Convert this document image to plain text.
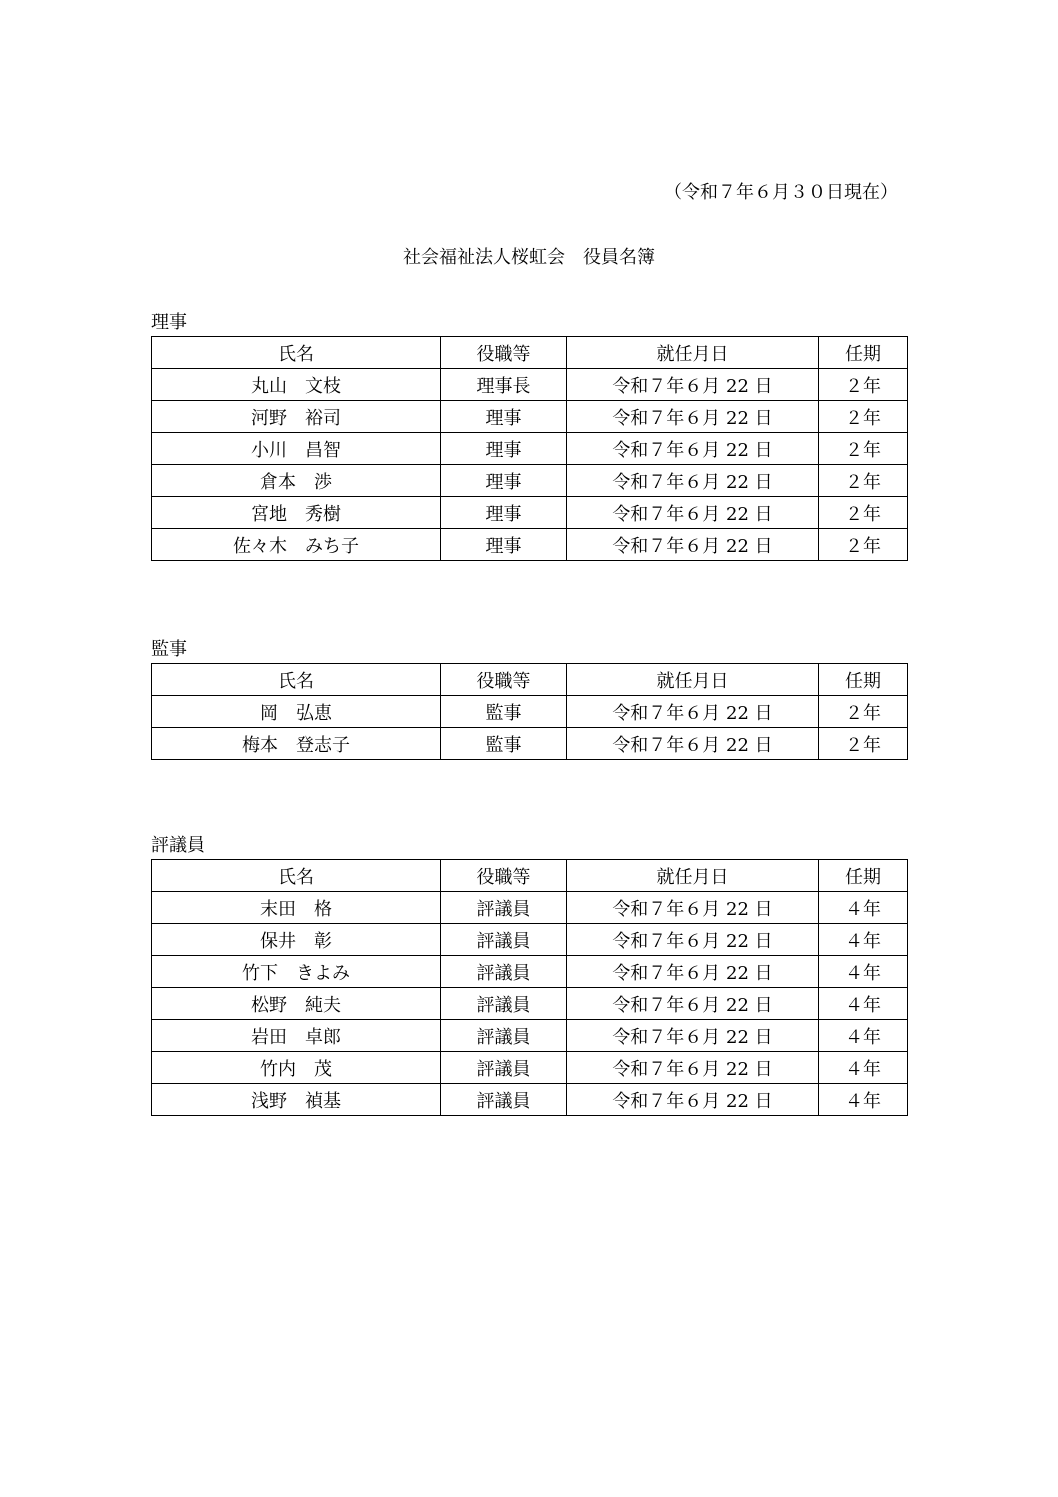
（令和７年６月３０日現在）
社会福祉法人桜虹会　役員名簿
理事
氏名	役職等	就任月日	任期
丸山　文枝	理事長	令和７年６月 22 日	２年
河野　裕司	理事	令和７年６月 22 日	２年
小川　昌智	理事	令和７年６月 22 日	２年
倉本　渉	理事	令和７年６月 22 日	２年
宮地　秀樹	理事	令和７年６月 22 日	２年
佐々木　みち子	理事	令和７年６月 22 日	２年
監事
氏名	役職等	就任月日	任期
岡　弘恵	監事	令和７年６月 22 日	２年
梅本　登志子	監事	令和７年６月 22 日	２年
評議員
氏名	役職等	就任月日	任期
末田　格	評議員	令和７年６月 22 日	４年
保井　彰	評議員	令和７年６月 22 日	４年
竹下　きよみ	評議員	令和７年６月 22 日	４年
松野　純夫	評議員	令和７年６月 22 日	４年
岩田　卓郎	評議員	令和７年６月 22 日	４年
竹内　茂	評議員	令和７年６月 22 日	４年
浅野　禎基	評議員	令和７年６月 22 日	４年
